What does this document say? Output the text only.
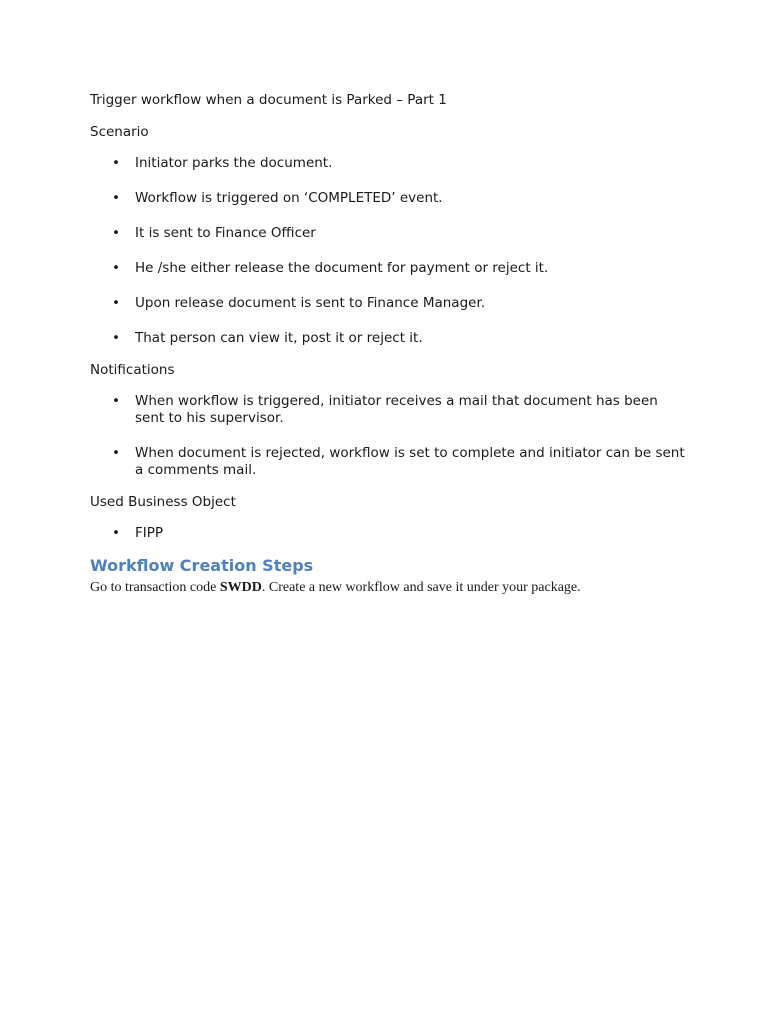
Trigger workflow when a document is Parked – Part 1

Scenario

• Initiator parks the document.
• Workflow is triggered on ‘COMPLETED’ event.
• It is sent to Finance Officer
• He /she either release the document for payment or reject it.
• Upon release document is sent to Finance Manager.
• That person can view it, post it or reject it.

Notifications

• When workflow is triggered, initiator receives a mail that document has been sent to his supervisor.
• When document is rejected, workflow is set to complete and initiator can be sent a comments mail.

Used Business Object

• FIPP
Workflow Creation Steps

Go to transaction code SWDD. Create a new workflow and save it under your package.
